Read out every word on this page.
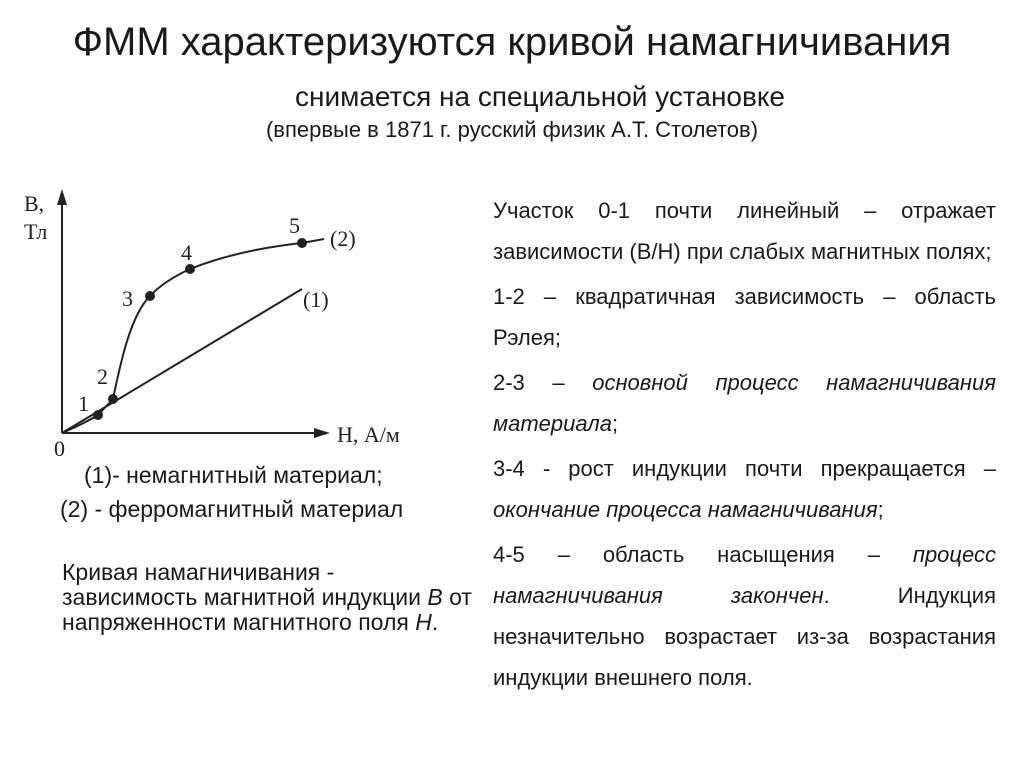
ФММ характеризуются кривой намагничивания
снимается на специальной установке
(впервые в 1871 г. русский физик А.Т. Столетов)
B,
Тл
H, А/м
0
(1)
(2)
1
2
3
4
5
(1)- немагнитный материал;
(2) - ферромагнитный материал
Кривая намагничивания - зависимость магнитной индукции B от напряженности магнитного поля H.

Участок 0-1 почти линейный – отражает зависимости (В/Н) при слабых магнитных полях;

1-2 – квадратичная зависимость – область Рэлея;

2-3 – основной процесс намагничивания материала;

3-4 - рост индукции почти прекращается – окончание процесса намагничивания;

4-5 – область насыщения – процесс намагничивания закончен. Индукция незначительно возрастает из-за возрастания индукции внешнего поля.
